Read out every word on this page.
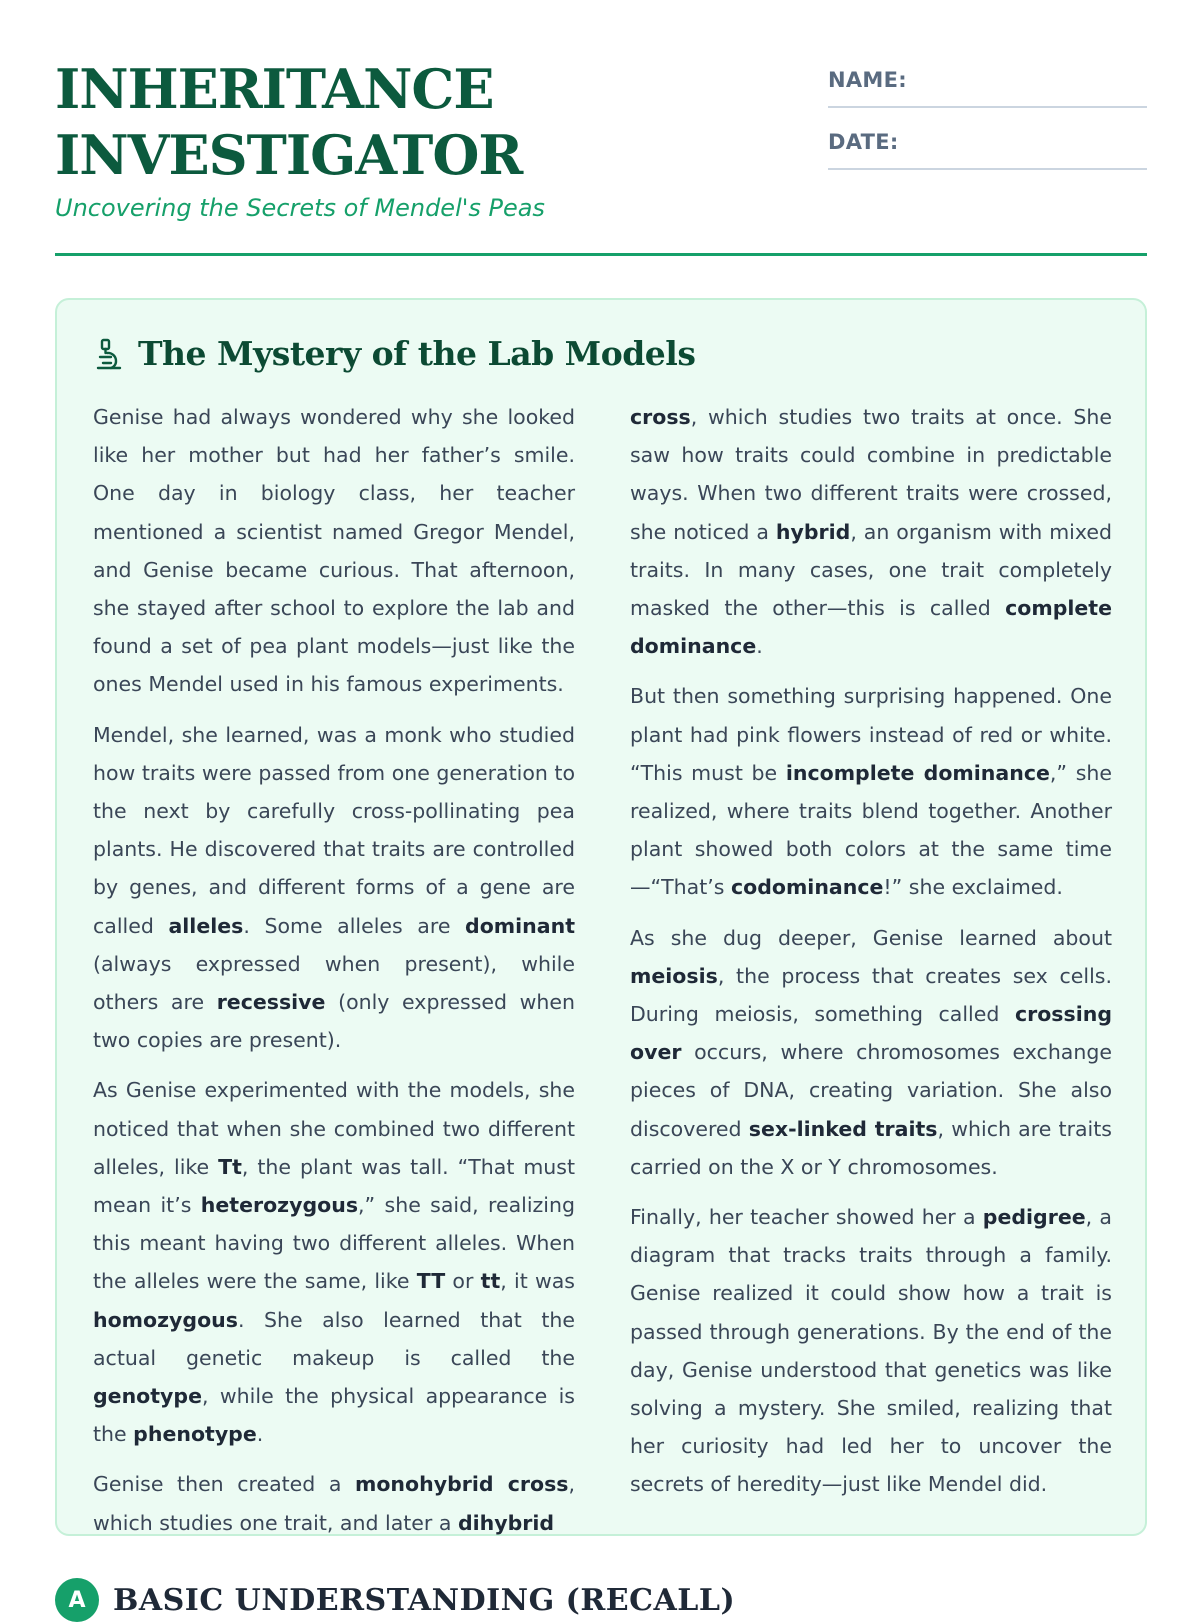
INHERITANCE
INVESTIGATOR
Uncovering the Secrets of Mendel's Peas
NAME:
DATE:
The Mystery of the Lab Models

Genise had always wondered why she looked like her mother but had her father’s smile. One day in biology class, her teacher mentioned a scientist named Gregor Mendel, and Genise became curious. That afternoon, she stayed after school to explore the lab and found a set of pea plant models—just like the ones Mendel used in his famous experiments.

Mendel, she learned, was a monk who studied how traits were passed from one generation to the next by carefully cross-pollinating pea plants. He discovered that traits are controlled by genes, and different forms of a gene are called alleles. Some alleles are dominant (always expressed when present), while others are recessive (only expressed when two copies are present).

As Genise experimented with the models, she noticed that when she combined two different alleles, like Tt, the plant was tall. “That must mean it’s heterozygous,” she said, realizing this meant having two different alleles. When the alleles were the same, like TT or tt, it was homozygous. She also learned that the actual genetic makeup is called the genotype, while the physical appearance is the phenotype.

Genise then created a monohybrid cross, which studies one trait, and later a dihybrid

cross, which studies two traits at once. She saw how traits could combine in predictable ways. When two different traits were crossed, she noticed a hybrid, an organism with mixed traits. In many cases, one trait completely masked the other—this is called complete dominance.

But then something surprising happened. One plant had pink flowers instead of red or white. “This must be incomplete dominance,” she realized, where traits blend together. Another plant showed both colors at the same time —“That’s codominance!” she exclaimed.

As she dug deeper, Genise learned about meiosis, the process that creates sex cells. During meiosis, something called crossing over occurs, where chromosomes exchange pieces of DNA, creating variation. She also discovered sex-linked traits, which are traits carried on the X or Y chromosomes.

Finally, her teacher showed her a pedigree, a diagram that tracks traits through a family. Genise realized it could show how a trait is passed through generations. By the end of the day, Genise understood that genetics was like solving a mystery. She smiled, realizing that her curiosity had led her to uncover the secrets of heredity—just like Mendel did.

A BASIC UNDERSTANDING (RECALL)
